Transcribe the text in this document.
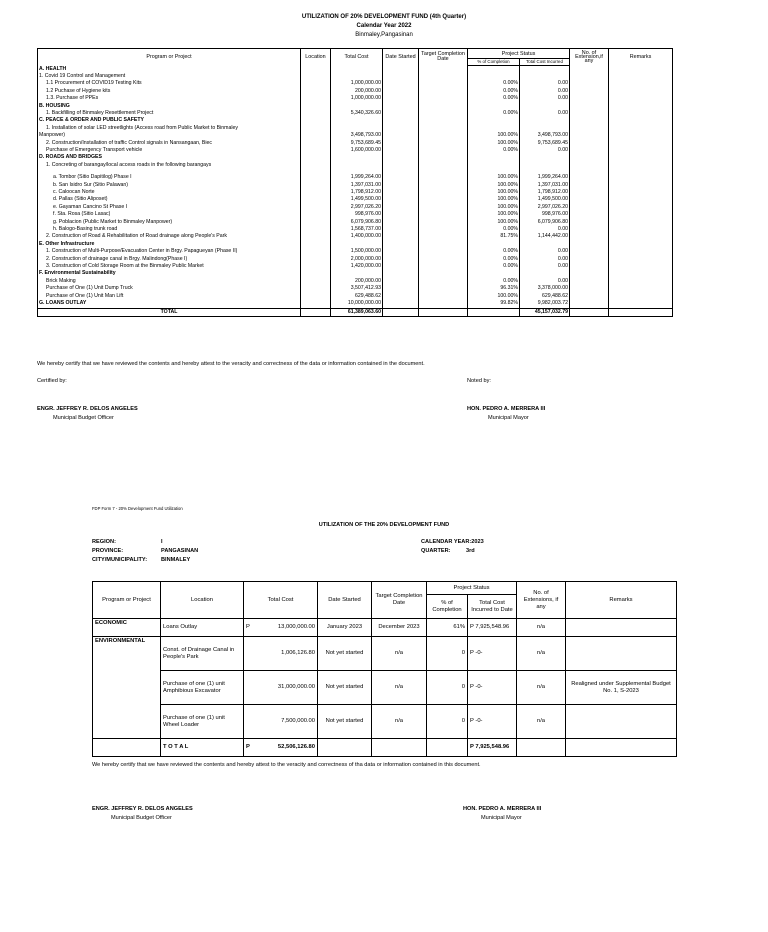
UTILIZATION OF 20% DEVELOPMENT FUND (4th Quarter)
Calendar Year 2022
Binmaley,Pangasinan
Program or Project	Location	Total Cost	Date Started	Target Completion Date	Project Status		No. of Extension,if any	Remarks
					% of Completion	Total Cost Incurred		
A. HEALTH								
1. Covid 19 Control and Management								
1.1 Procurement of COVID19 Testing Kits		1,000,000.00			0.00%	0.00		
1.2 Puchase of Hygiene kits		200,000.00			0.00%	0.00		
1.3. Purchase of PPEs		1,000,000.00			0.00%	0.00		
B. HOUSING								
1. Backfilling of Binmaley Resettlement Project		5,340,326.60			0.00%	0.00		
C. PEACE & ORDER AND PUBLIC SAFETY								
1. Installation of solar LED streetlights (Access road from Public Market to Binmaley								
Manpower)		3,498,793.00			100.00%	3,498,793.00		
2. Construction/Installation of traffic Control signals in Nansangaan, Biec		9,753,689.45			100.00%	9,753,689.45		
Purchase of Emergency Transport vehicle		1,600,000.00			0.00%	0.00		
D. ROADS AND BRIDGES								
1. Concreting of barangay/local access roads in the following barangays								

a. Tombor (Sitio Dapitilog) Phase I		1,999,264.00			100.00%	1,999,264.00		
b. San Isidro Sur (Sitio Palawan)		1,397,031.00			100.00%	1,397,031.00		
c. Caloocan Norte		1,798,912.00			100.00%	1,798,912.00		
d. Pallas (Sitio Aliposet)		1,499,500.00			100.00%	1,499,500.00		
e. Gayaman Cancino St Phase I		2,997,026.20			100.00%	2,997,026.20		
f. Sta. Rosa (Sitio Lasac)		998,976.00			100.00%	998,976.00		
g. Poblacion (Public Market to Binmaley Manpower)		6,079,906.80			100.00%	6,079,906.80		
h. Balogo-Basing trunk road		1,568,737.00			0.00%	0.00		
2. Construction of Road & Rehabilitation of Road drainage along People's Park		1,400,000.00			81.75%	1,144,442.00		
E. Other Infrastructure								
1. Construction of Multi-Purpose/Evacuation Center in Brgy. Papagueyan (Phase II)		1,500,000.00			0.00%	0.00		
2. Construction of drainage canal in Brgy. Malindong(Phase I)		2,000,000.00			0.00%	0.00		
3. Construction of Cold Storage Room at the Binmaley Public Market		1,420,000.00			0.00%	0.00		
F. Environmental Sustainability								
Brick Making		200,000.00			0.00%	0.00		
Purchase of One (1) Unit Dump Truck		3,507,412.93			96.31%	3,378,000.00		
Purchase of One (1) Unit Man Lift		629,488.62			100.00%	629,488.62		
G. LOANS OUTLAY		10,000,000.00			99.82%	9,982,003.72		
TOTAL		61,389,063.60				45,157,032.79		
We hereby certify that we have reviewed the contents and hereby attest to the veracity and correctness of the data or information contained in the document.
Certified by:	Noted by:
ENGR. JEFFREY R. DELOS ANGELES
Municipal Budget Officer
HON. PEDRO A. MERRERA III
Municipal Mayor
FDP Form 7 - 20% Development Fund Utilization
UTILIZATION OF THE 20% DEVELOPMENT FUND
REGION:	I
PROVINCE:	PANGASINAN
CITY/MUNICIPALITY: BINMALEY
CALENDAR YEAR:2023
QUARTER:	3rd
Program or Project	Location	Total Cost	Date Started	Target Completion Date	Project Status		No. of Extensions, if any	Remarks
					% of Completion	Total Cost Incurred to Date		
ECONOMIC	Loans Outlay	P 13,000,000.00	January 2023	December 2023	61%	P 7,925,548.96	n/a	
ENVIRONMENTAL	Const. of Drainage Canal in People's Park	1,006,126.80	Not yet started	n/a	0	P -0-	n/a	
	Purchase of one (1) unit Amphibious Excavator	31,000,000.00	Not yet started	n/a	0	P -0-	n/a	Realigned under Supplemental Budget No. 1, S-2023
	Purchase of one (1) unit Wheel Loader	7,500,000.00	Not yet started	n/a	0	P -0-	n/a	
	T O T A L	P 52,506,126.80				P 7,925,548.96		
We hereby certify that we have reviewed the contents and hereby attest to the veracity and correctness of tha data or information contained in this document.
ENGR. JEFFREY R. DELOS ANGELES
Municipal Budget Officer
HON. PEDRO A. MERRERA III
Municipal Mayor
